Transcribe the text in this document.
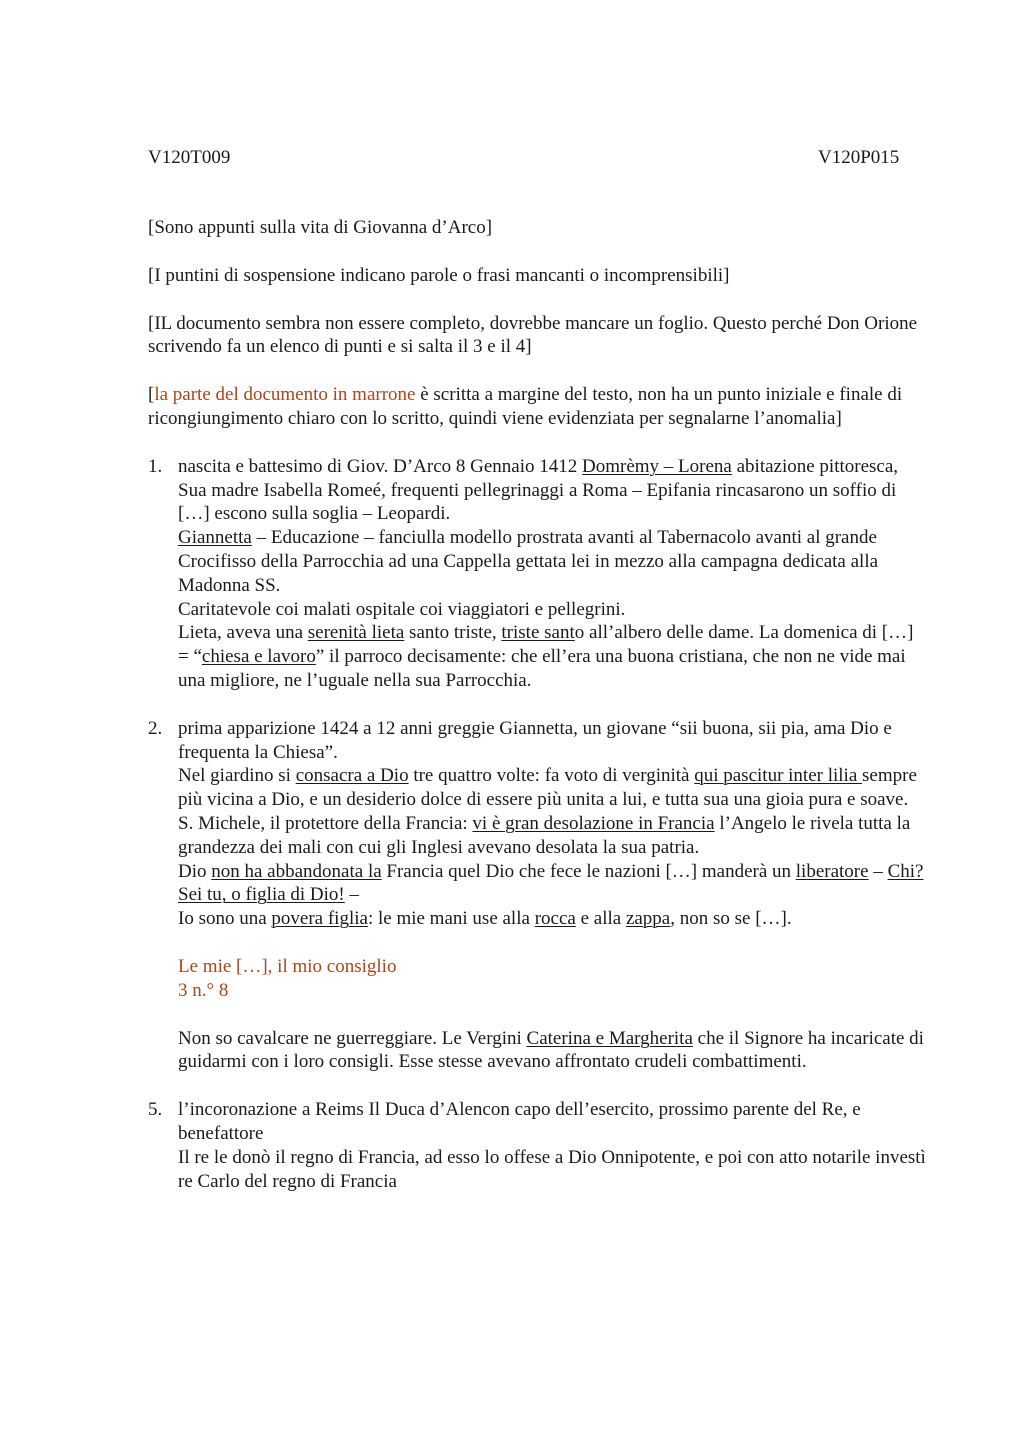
V120T009	V120P015

[Sono appunti sulla vita di Giovanna d’Arco]

[I puntini di sospensione indicano parole o frasi mancanti o incomprensibili]

[IL documento sembra non essere completo, dovrebbe mancare un foglio. Questo perché Don Orione scrivendo fa un elenco di punti e si salta il 3 e il 4]

[la parte del documento in marrone è scritta a margine del testo, non ha un punto iniziale e finale di ricongiungimento chiaro con lo scritto, quindi viene evidenziata per segnalarne l’anomalia]

1. nascita e battesimo di Giov. D’Arco 8 Gennaio 1412 Domrèmy – Lorena abitazione pittoresca, Sua madre Isabella Romeé, frequenti pellegrinaggi a Roma – Epifania rincasarono un soffio di […] escono sulla soglia – Leopardi.
Giannetta – Educazione – fanciulla modello prostrata avanti al Tabernacolo avanti al grande Crocifisso della Parrocchia ad una Cappella gettata lei in mezzo alla campagna dedicata alla Madonna SS.
Caritatevole coi malati ospitale coi viaggiatori e pellegrini.
Lieta, aveva una serenità lieta santo triste, triste santo all’albero delle dame. La domenica di […] = “chiesa e lavoro” il parroco decisamente: che ell’era una buona cristiana, che non ne vide mai una migliore, ne l’uguale nella sua Parrocchia.
2. prima apparizione 1424 a 12 anni greggie Giannetta, un giovane “sii buona, sii pia, ama Dio e frequenta la Chiesa”.
Nel giardino si consacra a Dio tre quattro volte: fa voto di verginità qui pascitur inter lilia sempre più vicina a Dio, e un desiderio dolce di essere più unita a lui, e tutta sua una gioia pura e soave.
S. Michele, il protettore della Francia: vi è gran desolazione in Francia l’Angelo le rivela tutta la grandezza dei mali con cui gli Inglesi avevano desolata la sua patria.
Dio non ha abbandonata la Francia quel Dio che fece le nazioni […] manderà un liberatore – Chi? Sei tu, o figlia di Dio! –
Io sono una povera figlia: le mie mani use alla rocca e alla zappa, non so se […].
Le mie […], il mio consiglio
3 n.° 8
Non so cavalcare ne guerreggiare. Le Vergini Caterina e Margherita che il Signore ha incaricate di guidarmi con i loro consigli. Esse stesse avevano affrontato crudeli combattimenti.
5. l’incoronazione a Reims Il Duca d’Alencon capo dell’esercito, prossimo parente del Re, e benefattore
Il re le donò il regno di Francia, ad esso lo offese a Dio Onnipotente, e poi con atto notarile investì re Carlo del regno di Francia
